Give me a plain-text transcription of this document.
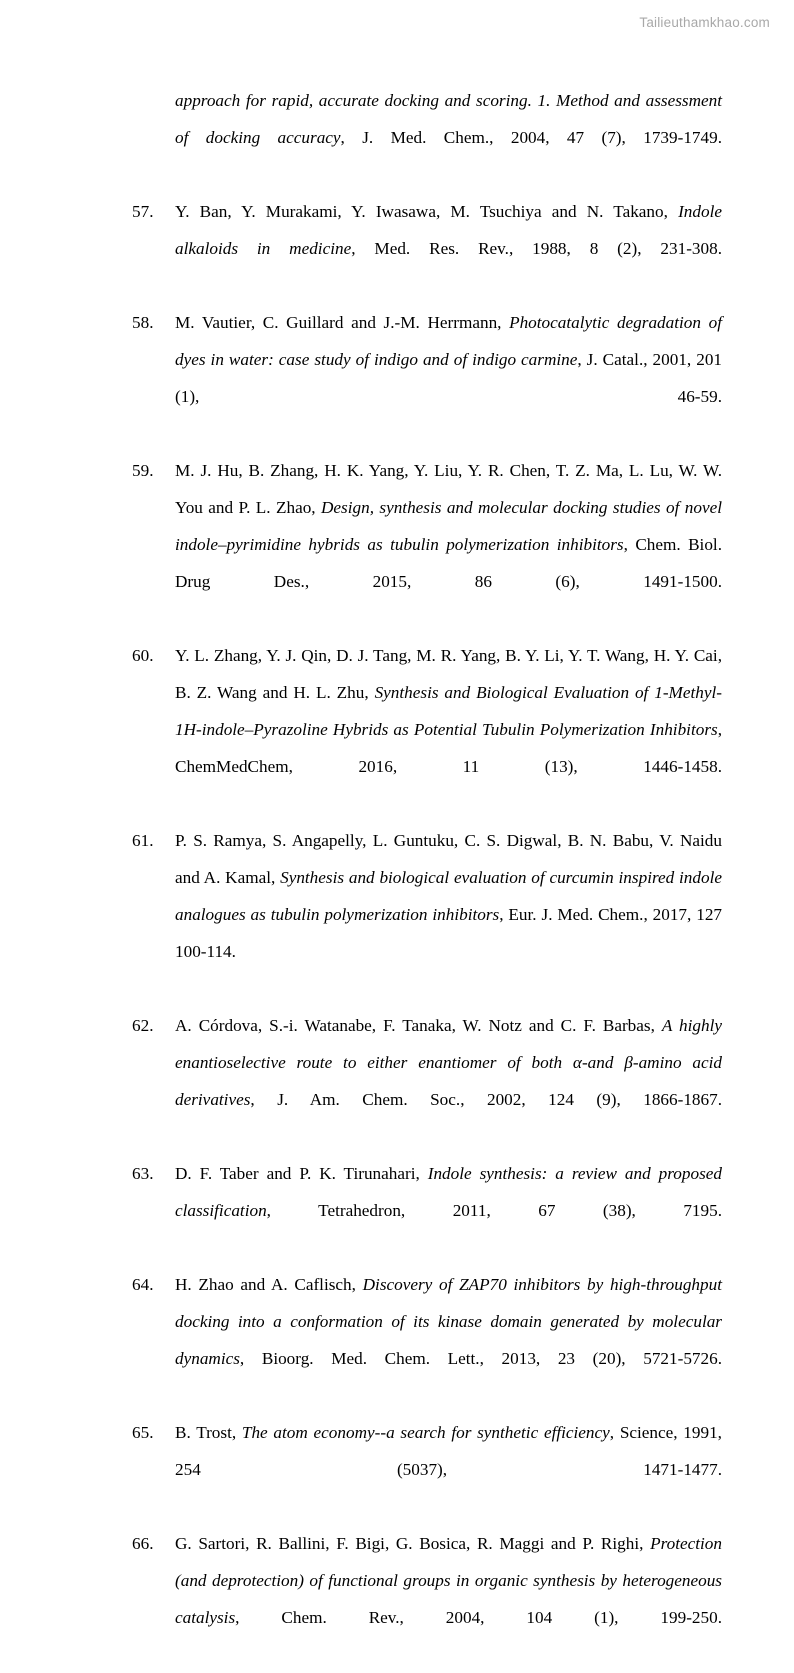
Tailieuthamkhao.com
approach for rapid, accurate docking and scoring. 1. Method and assessment of docking accuracy, J. Med. Chem., 2004, 47 (7), 1739-1749.
57.	Y. Ban, Y. Murakami, Y. Iwasawa, M. Tsuchiya and N. Takano, Indole alkaloids in medicine, Med. Res. Rev., 1988, 8 (2), 231-308.
58.	M. Vautier, C. Guillard and J.-M. Herrmann, Photocatalytic degradation of dyes in water: case study of indigo and of indigo carmine, J. Catal., 2001, 201 (1), 46-59.
59.	M. J. Hu, B. Zhang, H. K. Yang, Y. Liu, Y. R. Chen, T. Z. Ma, L. Lu, W. W. You and P. L. Zhao, Design, synthesis and molecular docking studies of novel indole–pyrimidine hybrids as tubulin polymerization inhibitors, Chem. Biol. Drug Des., 2015, 86 (6), 1491-1500.
60.	Y. L. Zhang, Y. J. Qin, D. J. Tang, M. R. Yang, B. Y. Li, Y. T. Wang, H. Y. Cai, B. Z. Wang and H. L. Zhu, Synthesis and Biological Evaluation of 1-Methyl-1H-indole–Pyrazoline Hybrids as Potential Tubulin Polymerization Inhibitors, ChemMedChem, 2016, 11 (13), 1446-1458.
61.	P. S. Ramya, S. Angapelly, L. Guntuku, C. S. Digwal, B. N. Babu, V. Naidu and A. Kamal, Synthesis and biological evaluation of curcumin inspired indole analogues as tubulin polymerization inhibitors, Eur. J. Med. Chem., 2017, 127 100-114.
62.	A. Córdova, S.-i. Watanabe, F. Tanaka, W. Notz and C. F. Barbas, A highly enantioselective route to either enantiomer of both α-and β-amino acid derivatives, J. Am. Chem. Soc., 2002, 124 (9), 1866-1867.
63.	D. F. Taber and P. K. Tirunahari, Indole synthesis: a review and proposed classification, Tetrahedron, 2011, 67 (38), 7195.
64.	H. Zhao and A. Caflisch, Discovery of ZAP70 inhibitors by high-throughput docking into a conformation of its kinase domain generated by molecular dynamics, Bioorg. Med. Chem. Lett., 2013, 23 (20), 5721-5726.
65.	B. Trost, The atom economy--a search for synthetic efficiency, Science, 1991, 254 (5037), 1471-1477.
66.	G. Sartori, R. Ballini, F. Bigi, G. Bosica, R. Maggi and P. Righi, Protection (and deprotection) of functional groups in organic synthesis by heterogeneous catalysis, Chem. Rev., 2004, 104 (1), 199-250.
